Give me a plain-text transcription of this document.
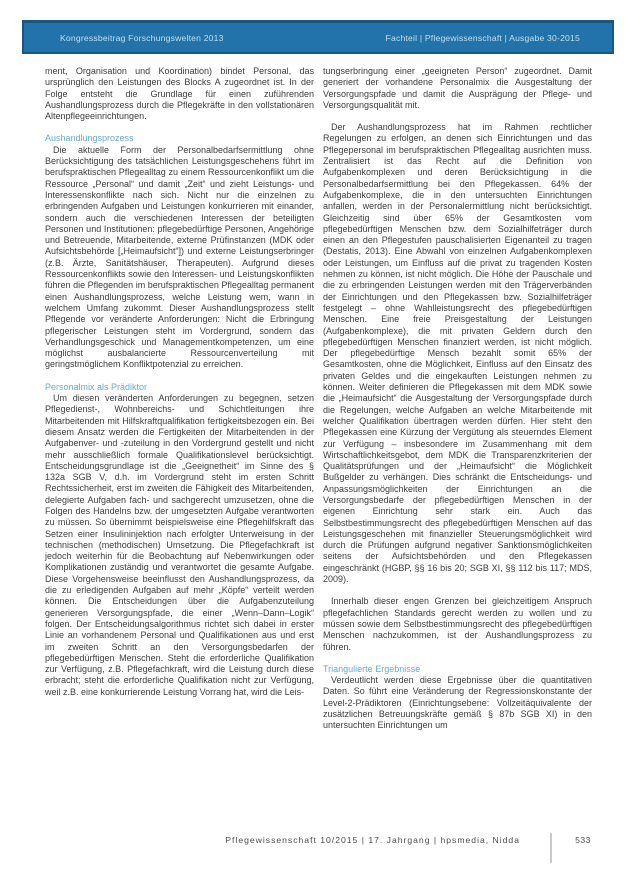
Kongressbeitrag Forschungswelten 2013	Fachteil | Pflegewissenschaft | Ausgabe 30-2015

ment, Organisation und Koordination) bindet Personal, das ursprünglich den Leistungen des Blocks A zugeordnet ist. In der Folge entsteht die Grundlage für einen zuführenden Aushandlungsprozess durch die Pflegekräfte in den vollstationären Altenpflegeeinrichtungen.

Aushandlungsprozess

Die aktuelle Form der Personalbedarfsermittlung ohne Berücksichtigung des tatsächlichen Leistungsgeschehens führt im berufspraktischen Pflegealltag zu einem Ressourcenkonflikt um die Ressource „Personal“ und damit „Zeit“ und zieht Leistungs- und Interessenskonflikte nach sich. Nicht nur die einzelnen zu erbringenden Aufgaben und Leistungen konkurrieren mit einander, sondern auch die verschiedenen Interessen der beteiligten Personen und Institutionen: pflegebedürftige Personen, Angehörige und Betreuende, Mitarbeitende, externe Prüfinstanzen (MDK oder Aufsichtsbehörde [„Heimaufsicht“]) und externe Leistungserbringer (z.B. Ärzte, Sanitätshäuser, Therapeuten). Aufgrund dieses Ressourcenkonflikts sowie den Interessen- und Leistungskonflikten führen die Pflegenden im berufspraktischen Pflegealltag permanent einen Aushandlungsprozess, welche Leistung wem, wann in welchem Umfang zukommt. Dieser Aushandlungsprozess stellt Pflegende vor veränderte Anforderungen: Nicht die Erbringung pflegerischer Leistungen steht im Vordergrund, sondern das Verhandlungsgeschick und Managementkompetenzen, um eine möglichst ausbalancierte Ressourcenverteilung mit geringstmöglichem Konfliktpotenzial zu erreichen.

Personalmix als Prädiktor

Um diesen veränderten Anforderungen zu begegnen, setzen Pflegedienst-, Wohnbereichs- und Schichtleitungen ihre Mitarbeitenden mit Hilfskraftqualifikation fertigkeitsbezogen ein. Bei diesem Ansatz werden die Fertigkeiten der Mitarbeitenden in der Aufgabenver- und -zuteilung in den Vordergrund gestellt und nicht mehr ausschließlich formale Qualifikationslevel berücksichtigt. Entscheidungsgrundlage ist die „Geeignetheit“ im Sinne des § 132a SGB V, d.h. im Vordergrund steht im ersten Schritt Rechtssicherheit, erst im zweiten die Fähigkeit des Mitarbeitenden, delegierte Aufgaben fach- und sachgerecht umzusetzen, ohne die Folgen des Handelns bzw. der umgesetzten Aufgabe verantworten zu müssen. So übernimmt beispielsweise eine Pflegehilfskraft das Setzen einer Insulininjektion nach erfolgter Unterweisung in der technischen (methodischen) Umsetzung. Die Pflegefachkraft ist jedoch weiterhin für die Beobachtung auf Nebenwirkungen oder Komplikationen zuständig und verantwortet die gesamte Aufgabe. Diese Vorgehensweise beeinflusst den Aushandlungsprozess, da die zu erledigenden Aufgaben auf mehr „Köpfe“ verteilt werden können. Die Entscheidungen über die Aufgabenzuteilung generieren Versorgungspfade, die einer „Wenn–Dann–Logik“ folgen. Der Entscheidungsalgorithmus richtet sich dabei in erster Linie an vorhandenem Personal und Qualifikationen aus und erst im zweiten Schritt an den Versorgungsbedarfen der pflegebedürftigen Menschen. Steht die erforderliche Qualifikation zur Verfügung, z.B. Pflegefachkraft, wird die Leistung durch diese erbracht; steht die erforderliche Qualifikation nicht zur Verfügung, weil z.B. eine konkurrierende Leistung Vorrang hat, wird die Leis-

tungserbringung einer „geeigneten Person“ zugeordnet. Damit generiert der vorhandene Personalmix die Ausgestaltung der Versorgungspfade und damit die Ausprägung der Pflege- und Versorgungsqualität mit.

Der Aushandlungsprozess hat im Rahmen rechtlicher Regelungen zu erfolgen, an denen sich Einrichtungen und das Pflegepersonal im berufspraktischen Pflegealltag ausrichten muss. Zentralisiert ist das Recht auf die Definition von Aufgabenkomplexen und deren Berücksichtigung in die Personalbedarfsermittlung bei den Pflegekassen. 64% der Aufgabenkomplexe, die in den untersuchten Einrichtungen anfallen, werden in der Personalermittlung nicht berücksichtigt. Gleichzeitig sind über 65% der Gesamtkosten vom pflegebedürftigen Menschen bzw. dem Sozialhilfeträger durch einen an den Pflegestufen pauschalisierten Eigenanteil zu tragen (Destatis, 2013). Eine Abwahl von einzelnen Aufgabenkomplexen oder Leistungen, um Einfluss auf die privat zu tragenden Kosten nehmen zu können, ist nicht möglich. Die Höhe der Pauschale und die zu erbringenden Leistungen werden mit den Trägerverbänden der Einrichtungen und den Pflegekassen bzw. Sozialhilfeträger festgelegt – ohne Wahlleistungsrecht des pflegebedürftigen Menschen. Eine freie Preisgestaltung der Leistungen (Aufgabenkomplexe), die mit privaten Geldern durch den pflegebedürftigen Menschen finanziert werden, ist nicht möglich. Der pflegebedürftige Mensch bezahlt somit 65% der Gesamtkosten, ohne die Möglichkeit, Einfluss auf den Einsatz des privaten Geldes und die eingekauften Leistungen nehmen zu können. Weiter definieren die Pflegekassen mit dem MDK sowie die „Heimaufsicht“ die Ausgestaltung der Versorgungspfade durch die Regelungen, welche Aufgaben an welche Mitarbeitende mit welcher Qualifikation übertragen werden dürfen. Hier steht den Pflegekassen eine Kürzung der Vergütung als steuerndes Element zur Verfügung – insbesondere im Zusammenhang mit dem Wirtschaftlichkeitsgebot, dem MDK die Transparenzkriterien der Qualitätsprüfungen und der „Heimaufsicht“ die Möglichkeit Bußgelder zu verhängen. Dies schränkt die Entscheidungs- und Anpassungsmöglichkeiten der Einrichtungen an die Versorgungsbedarfe der pflegebedürftigen Menschen in der eigenen Einrichtung sehr stark ein. Auch das Selbstbestimmungsrecht des pflegebedürftigen Menschen auf das Leistungsgeschehen mit finanzieller Steuerungsmöglichkeit wird durch die Prüfungen aufgrund negativer Sanktionsmöglichkeiten seitens der Aufsichtsbehörden und den Pflegekassen eingeschränkt (HGBP, §§ 16 bis 20; SGB XI, §§ 112 bis 117; MDS, 2009).

Innerhalb dieser engen Grenzen bei gleichzeitigem Anspruch pflegefachlichen Standards gerecht werden zu wollen und zu müssen sowie dem Selbstbestimmungsrecht des pflegebedürftigen Menschen nachzukommen, ist der Aushandlungsprozess zu führen.

Triangulierte Ergebnisse

Verdeutlicht werden diese Ergebnisse über die quantitativen Daten. So führt eine Veränderung der Regressionskonstante der Level-2-Prädiktoren (Einrichtungsebene: Vollzeitäquivalente der zusätzlichen Betreuungskräfte gemäß § 87b SGB XI) in den untersuchten Einrichtungen um

Pflegewissenschaft 10/2015 | 17. Jahrgang | hpsmedia, Nidda	533
